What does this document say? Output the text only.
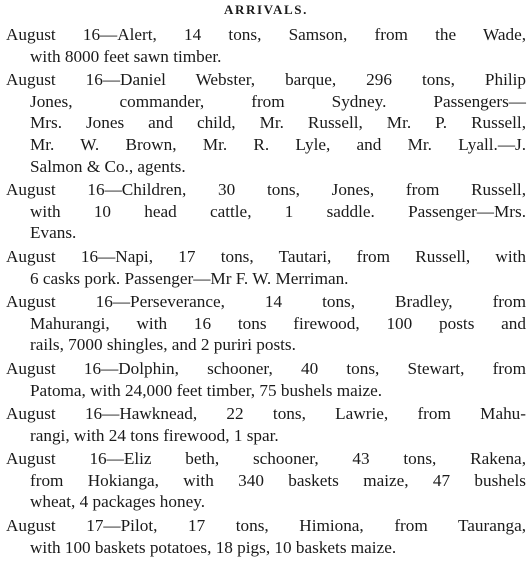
ARRIVALS.
August 16—Alert, 14 tons, Samson, from the Wade,
with 8000 feet sawn timber.
August 16—Daniel Webster, barque, 296 tons, Philip
Jones, commander, from Sydney. Passengers—
Mrs. Jones and child, Mr. Russell, Mr. P. Russell,
Mr. W. Brown, Mr. R. Lyle, and Mr. Lyall.—J.
Salmon & Co., agents.
August 16—Children, 30 tons, Jones, from Russell,
with 10 head cattle, 1 saddle. Passenger—Mrs.
Evans.
August 16—Napi, 17 tons, Tautari, from Russell, with
6 casks pork. Passenger—Mr F. W. Merriman.
August 16—Perseverance, 14 tons, Bradley, from
Mahurangi, with 16 tons firewood, 100 posts and
rails, 7000 shingles, and 2 puriri posts.
August 16—Dolphin, schooner, 40 tons, Stewart, from
Patoma, with 24,000 feet timber, 75 bushels maize.
August 16—Hawknead, 22 tons, Lawrie, from Mahu-
rangi, with 24 tons firewood, 1 spar.
August 16—Eliz beth, schooner, 43 tons, Rakena,
from Hokianga, with 340 baskets maize, 47 bushels
wheat, 4 packages honey.
August 17—Pilot, 17 tons, Himiona, from Tauranga,
with 100 baskets potatoes, 18 pigs, 10 baskets maize.
